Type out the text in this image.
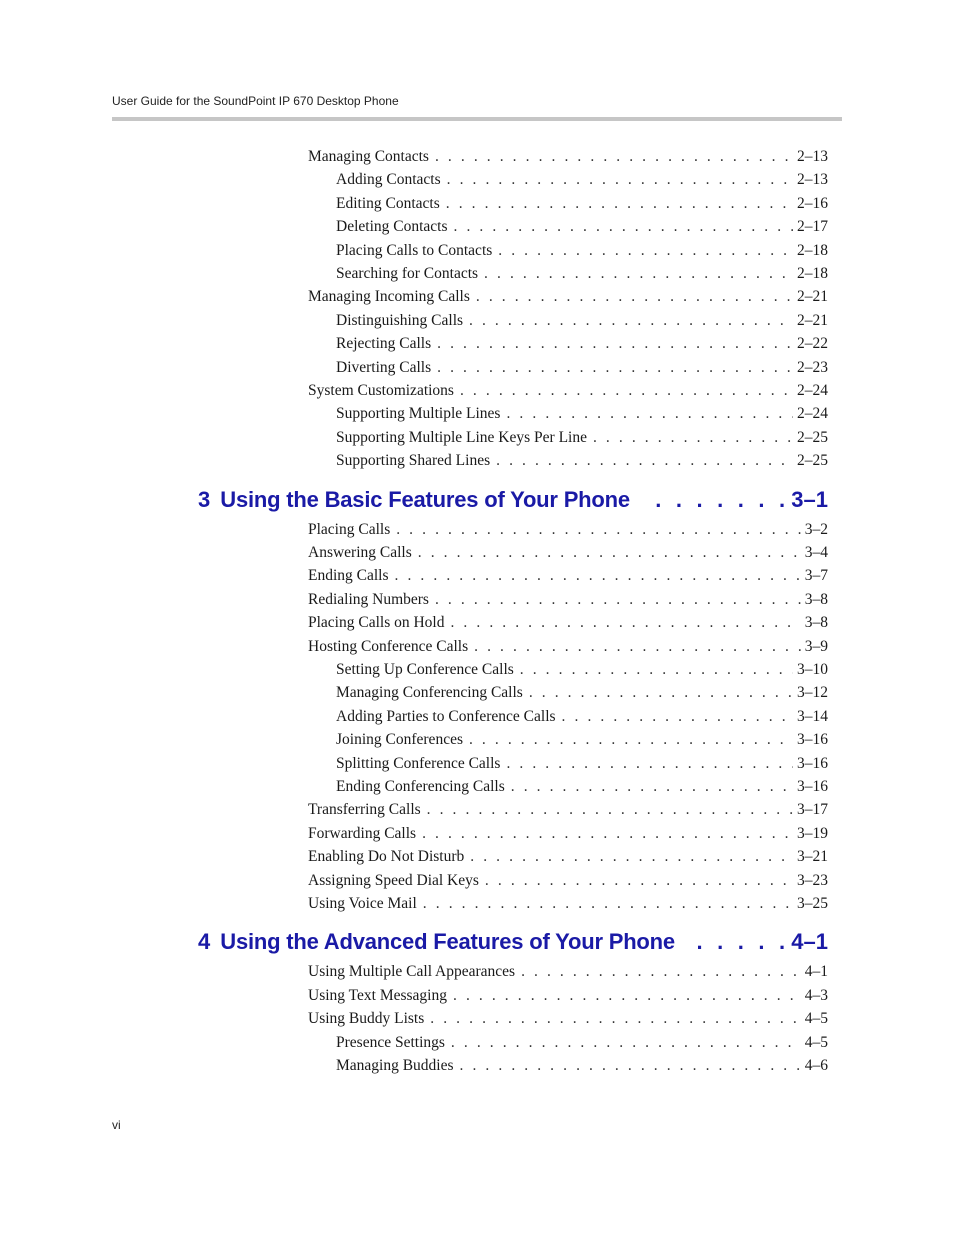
User Guide for the SoundPoint IP 670 Desktop Phone
Managing Contacts . . .	2–13
Adding Contacts . . .	2–13
Editing Contacts . . .	2–16
Deleting Contacts . . .	2–17
Placing Calls to Contacts . . .	2–18
Searching for Contacts . . .	2–18
Managing Incoming Calls . . .	2–21
Distinguishing Calls . . .	2–21
Rejecting Calls . . .	2–22
Diverting Calls . . .	2–23
System Customizations . . .	2–24
Supporting Multiple Lines . . .	2–24
Supporting Multiple Line Keys Per Line . . .	2–25
Supporting Shared Lines . . .	2–25
3 Using the Basic Features of Your Phone . . .	3–1
Placing Calls . . .	3–2
Answering Calls . . .	3–4
Ending Calls . . .	3–7
Redialing Numbers . . .	3–8
Placing Calls on Hold . . .	3–8
Hosting Conference Calls . . .	3–9
Setting Up Conference Calls . . .	3–10
Managing Conferencing Calls . . .	3–12
Adding Parties to Conference Calls . . .	3–14
Joining Conferences . . .	3–16
Splitting Conference Calls . . .	3–16
Ending Conferencing Calls . . .	3–16
Transferring Calls . . .	3–17
Forwarding Calls . . .	3–19
Enabling Do Not Disturb . . .	3–21
Assigning Speed Dial Keys . . .	3–23
Using Voice Mail . . .	3–25
4 Using the Advanced Features of Your Phone . . .	4–1
Using Multiple Call Appearances . . .	4–1
Using Text Messaging . . .	4–3
Using Buddy Lists . . .	4–5
Presence Settings . . .	4–5
Managing Buddies . . .	4–6
vi
